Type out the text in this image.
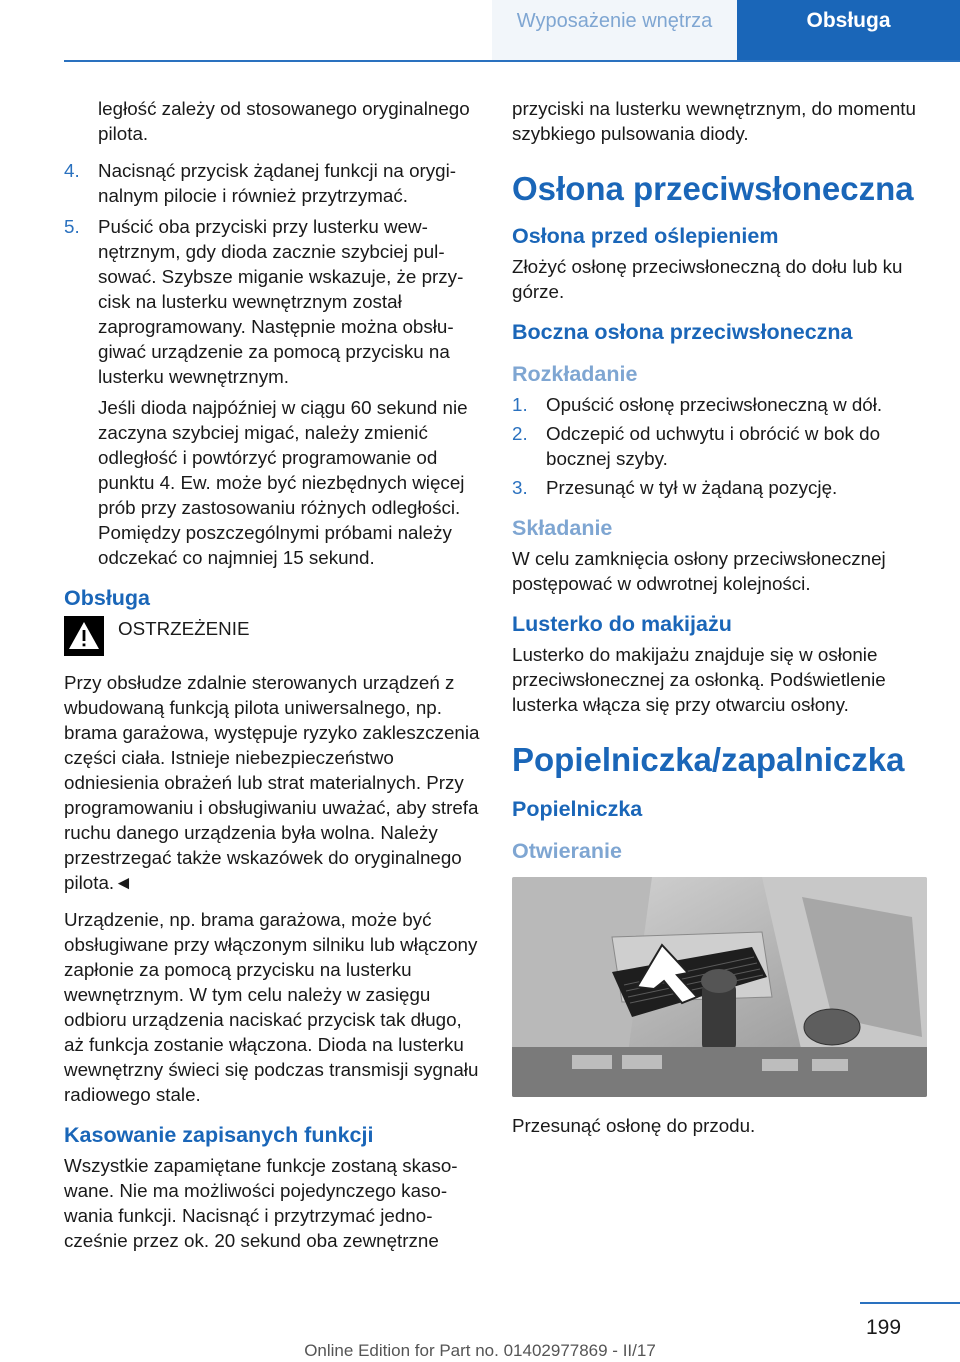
Wyposażenie wnętrza	Obsługa

ległość zależy od stosowanego oryginalnego pilota.

4. Nacisnąć przycisk żądanej funkcji na oryginalnym pilocie i również przytrzymać.
5. Puścić oba przyciski przy lusterku wewnętrznym, gdy dioda zacznie szybciej pulsować. Szybsze miganie wskazuje, że przycisk na lusterku wewnętrznym został zaprogramowany. Następnie można obsługiwać urządzenie za pomocą przycisku na lusterku wewnętrznym.

Jeśli dioda najpóźniej w ciągu 60 sekund nie zaczyna szybciej migać, należy zmienić odległość i powtórzyć programowanie od punktu 4. Ew. może być niezbędnych więcej prób przy zastosowaniu różnych odległości. Pomiędzy poszczególnymi próbami należy odczekać co najmniej 15 sekund.

Obsługa

OSTRZEŻENIE

Przy obsłudze zdalnie sterowanych urządzeń z wbudowaną funkcją pilota uniwersalnego, np. brama garażowa, występuje ryzyko zakleszczenia części ciała. Istnieje niebezpieczeństwo odniesienia obrażeń lub strat materialnych. Przy programowaniu i obsługiwaniu uważać, aby strefa ruchu danego urządzenia była wolna. Należy przestrzegać także wskazówek do oryginalnego pilota.◄

Urządzenie, np. brama garażowa, może być obsługiwane przy włączonym silniku lub włączony zapłonie za pomocą przycisku na lusterku wewnętrznym. W tym celu należy w zasięgu odbioru urządzenia naciskać przycisk tak długo, aż funkcja zostanie włączona. Dioda na lusterku wewnętrzny świeci się podczas transmisji sygnału radiowego stale.

Kasowanie zapisanych funkcji

Wszystkie zapamiętane funkcje zostaną skasowane. Nie ma możliwości pojedynczego kasowania funkcji. Nacisnąć i przytrzymać jednocześnie przez ok. 20 sekund oba zewnętrzne

przyciski na lusterku wewnętrznym, do momentu szybkiego pulsowania diody.

Osłona przeciwsłoneczna
Osłona przed oślepieniem

Złożyć osłonę przeciwsłoneczną do dołu lub ku górze.

Boczna osłona przeciwsłoneczna
Rozkładanie
1. Opuścić osłonę przeciwsłoneczną w dół.
2. Odczepić od uchwytu i obrócić w bok do bocznej szyby.
3. Przesunąć w tył w żądaną pozycję.
Składanie

W celu zamknięcia osłony przeciwsłonecznej postępować w odwrotnej kolejności.

Lusterko do makijażu

Lusterko do makijażu znajduje się w osłonie przeciwsłonecznej za osłonką. Podświetlenie lusterka włącza się przy otwarciu osłony.

Popielniczka/zapalniczka
Popielniczka
Otwieranie

Przesunąć osłonę do przodu.

199
Online Edition for Part no. 01402977869 - II/17
